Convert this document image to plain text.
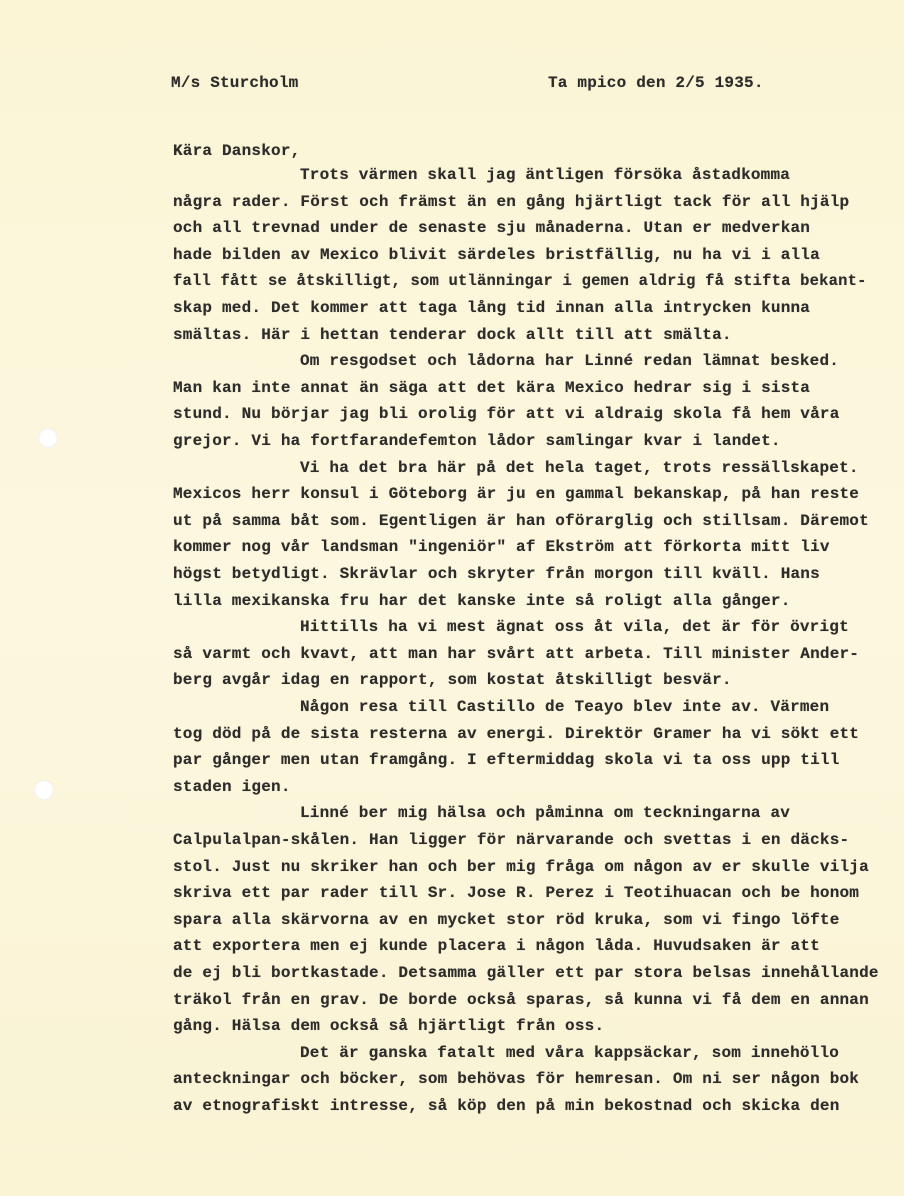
M/s Sturcholm	Ta mpico den 2/5 1935.
Kära Danskor,
Trots värmen skall jag äntligen försöka åstadkomma
några rader. Först och främst än en gång hjärtligt tack för all hjälp
och all trevnad under de senaste sju månaderna. Utan er medverkan
hade bilden av Mexico blivit särdeles bristfällig, nu ha vi i alla
fall fått se åtskilligt, som utlänningar i gemen aldrig få stifta bekant-
skap med. Det kommer att taga lång tid innan alla intrycken kunna
smältas. Här i hettan tenderar dock allt till att smälta.
Om resgodset och lådorna har Linné redan lämnat besked.
Man kan inte annat än säga att det kära Mexico hedrar sig i sista
stund. Nu börjar jag bli orolig för att vi aldraig skola få hem våra
grejor. Vi ha fortfarandefemton lådor samlingar kvar i landet.
Vi ha det bra här på det hela taget, trots ressällskapet.
Mexicos herr konsul i Göteborg är ju en gammal bekanskap, på han reste
ut på samma båt som. Egentligen är han oförarglig och stillsam. Däremot
kommer nog vår landsman "ingeniör" af Ekström att förkorta mitt liv
högst betydligt. Skrävlar och skryter från morgon till kväll. Hans
lilla mexikanska fru har det kanske inte så roligt alla gånger.
Hittills ha vi mest ägnat oss åt vila, det är för övrigt
så varmt och kvavt, att man har svårt att arbeta. Till minister Ander-
berg avgår idag en rapport, som kostat åtskilligt besvär.
Någon resa till Castillo de Teayo blev inte av. Värmen
tog död på de sista resterna av energi. Direktör Gramer ha vi sökt ett
par gånger men utan framgång. I eftermiddag skola vi ta oss upp till
staden igen.
Linné ber mig hälsa och påminna om teckningarna av
Calpulalpan-skålen. Han ligger för närvarande och svettas i en däcks-
stol. Just nu skriker han och ber mig fråga om någon av er skulle vilja
skriva ett par rader till Sr. Jose R. Perez i Teotihuacan och be honom
spara alla skärvorna av en mycket stor röd kruka, som vi fingo löfte
att exportera men ej kunde placera i någon låda. Huvudsaken är att
de ej bli bortkastade. Detsamma gäller ett par stora belsas innehållande
träkol från en grav. De borde också sparas, så kunna vi få dem en annan
gång. Hälsa dem också så hjärtligt från oss.
Det är ganska fatalt med våra kappsäckar, som innehöllo
anteckningar och böcker, som behövas för hemresan. Om ni ser någon bok
av etnografiskt intresse, så köp den på min bekostnad och skicka den
